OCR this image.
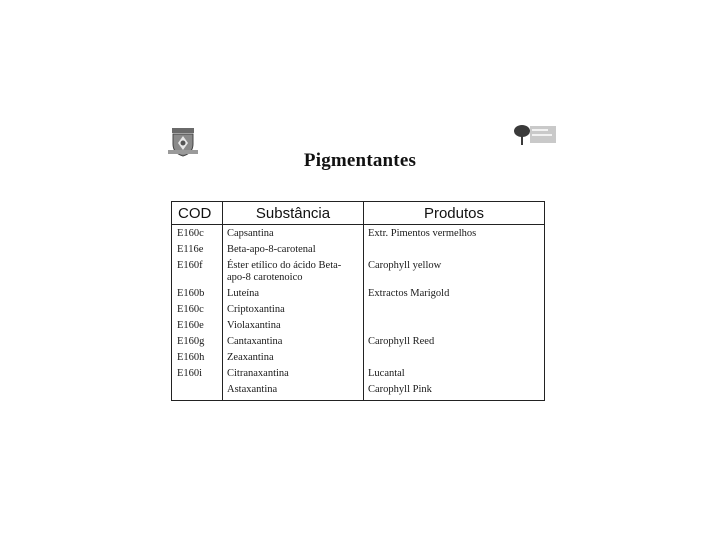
Pigmentantes
COD	Substância	Produtos
E160c	Capsantina	Extr. Pimentos vermelhos
E116e	Beta-apo-8-carotenal	
E160f	Éster etílico do ácido Beta-apo-8 carotenoico	Carophyll yellow
E160b	Luteína	Extractos Marigold
E160c	Criptoxantina	
E160e	Violaxantina	
E160g	Cantaxantina	Carophyll Reed
E160h	Zeaxantina	
E160i	Citranaxantina	Lucantal
	Astaxantina	Carophyll Pink
